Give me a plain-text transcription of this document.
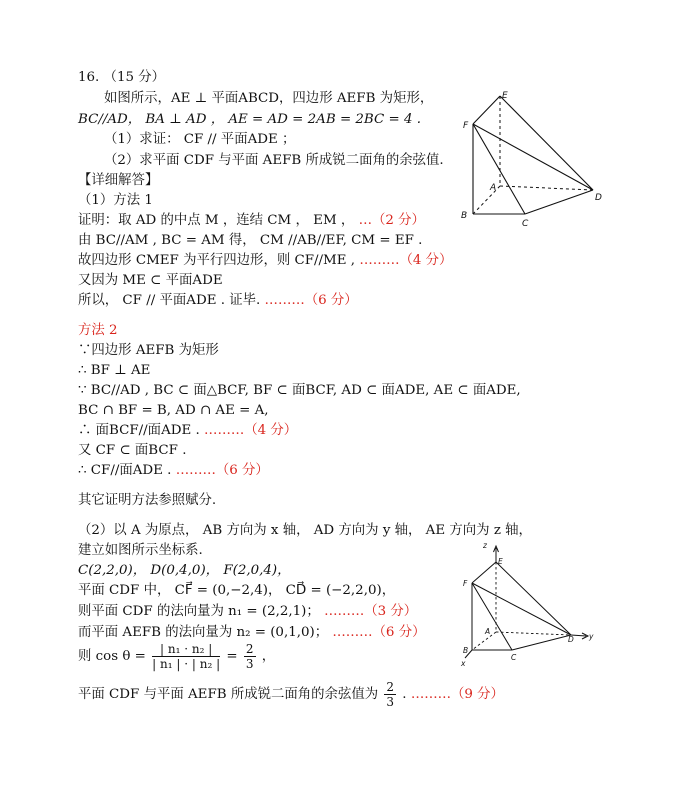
16. （15 分）
如图所示，AE ⊥ 平面ABCD，四边形 AEFB 为矩形，
BC//AD， BA ⊥ AD ， AE = AD = 2AB = 2BC = 4 .
（1）求证： CF // 平面ADE ；
（2）求平面 CDF 与平面 AEFB 所成锐二面角的余弦值.
【详细解答】
（1）方法 1
证明：取 AD 的中点 M ，连结 CM ， EM ， …（2 分）
由 BC//AM , BC = AM 得， CM //AB//EF, CM = EF .
故四边形 CMEF 为平行四边形，则 CF//ME , ………（4 分）
又因为 ME ⊂ 平面ADE
所以， CF // 平面ADE . 证毕. ………（6 分）
方法 2
∵四边形 AEFB 为矩形
∴ BF ⊥ AE
∵ BC//AD , BC ⊂ 面△BCF, BF ⊂ 面BCF, AD ⊂ 面ADE, AE ⊂ 面ADE,
BC ∩ BF = B, AD ∩ AE = A,
∴ 面BCF//面ADE . ………（4 分）
又 CF ⊂ 面BCF .
∴ CF//面ADE . ………（6 分）
其它证明方法参照赋分.
（2）以 A 为原点， AB 方向为 x 轴， AD 方向为 y 轴， AE 方向为 z 轴，
建立如图所示坐标系.
C(2,2,0)， D(0,4,0)， F(2,0,4)，
平面 CDF 中， CF⃗ = (0,−2,4)， CD⃗ = (−2,2,0)，
则平面 CDF 的法向量为 n₁ = (2,2,1)； ………（3 分）
而平面 AEFB 的法向量为 n₂ = (0,1,0)； ………（6 分）
则 $\cos \theta = \frac{\text{| n₁ · n₂ |}}{\text{| n₁ | · | n₂ |}} = \frac{2}{3}$ ，
平面 CDF 与平面 AEFB 所成锐二面角的余弦值为 $\frac{2}{3}$ . ………（9 分）
E
F
A
B
C
D
z
E
F
A
B
C
D y
x
